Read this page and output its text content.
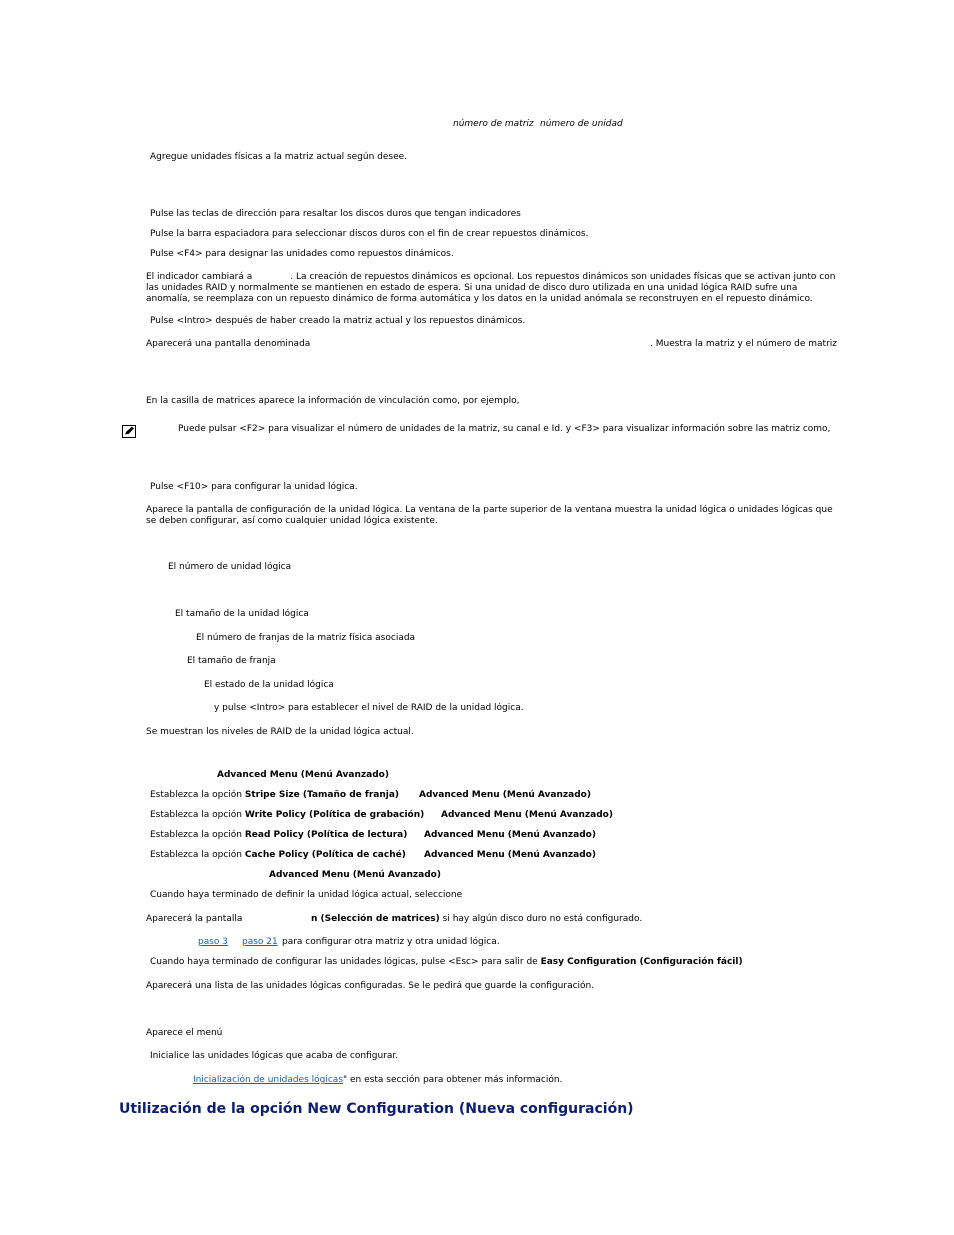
número de matriz número de unidad
Agregue unidades físicas a la matriz actual según desee.
Pulse las teclas de dirección para resaltar los discos duros que tengan indicadores
Pulse la barra espaciadora para seleccionar discos duros con el fin de crear repuestos dinámicos.
Pulse <F4> para designar las unidades como repuestos dinámicos.
El indicador cambiará a	. La creación de repuestos dinámicos es opcional. Los repuestos dinámicos son unidades físicas que se activan junto con las unidades RAID y normalmente se mantienen en estado de espera. Si una unidad de disco duro utilizada en una unidad lógica RAID sufre una anomalía, se reemplaza con un repuesto dinámico de forma automática y los datos en la unidad anómala se reconstruyen en el repuesto dinámico.
Pulse <Intro> después de haber creado la matriz actual y los repuestos dinámicos.
Aparecerá una pantalla denominada	. Muestra la matriz y el número de matriz
En la casilla de matrices aparece la información de vinculación como, por ejemplo,
Puede pulsar <F2> para visualizar el número de unidades de la matriz, su canal e Id. y <F3> para visualizar información sobre las matriz como,
Pulse <F10> para configurar la unidad lógica.
Aparece la pantalla de configuración de la unidad lógica. La ventana de la parte superior de la ventana muestra la unidad lógica o unidades lógicas que se deben configurar, así como cualquier unidad lógica existente.
El número de unidad lógica
El tamaño de la unidad lógica
El número de franjas de la matriz física asociada
El tamaño de franja
El estado de la unidad lógica
y pulse <Intro> para establecer el nivel de RAID de la unidad lógica.
Se muestran los niveles de RAID de la unidad lógica actual.
Advanced Menu (Menú Avanzado)
Establezca la opción Stripe Size (Tamaño de franja) Advanced Menu (Menú Avanzado)
Establezca la opción Write Policy (Política de grabación) Advanced Menu (Menú Avanzado)
Establezca la opción Read Policy (Política de lectura) Advanced Menu (Menú Avanzado)
Establezca la opción Cache Policy (Política de caché) Advanced Menu (Menú Avanzado)
Advanced Menu (Menú Avanzado)
Cuando haya terminado de definir la unidad lógica actual, seleccione
Aparecerá la pantalla	n (Selección de matrices) si hay algún disco duro no está configurado.
paso 3 paso 21 para configurar otra matriz y otra unidad lógica.
Cuando haya terminado de configurar las unidades lógicas, pulse <Esc> para salir de Easy Configuration (Configuración fácil)
Aparecerá una lista de las unidades lógicas configuradas. Se le pedirá que guarde la configuración.
Aparece el menú
Inicialice las unidades lógicas que acaba de configurar.
Inicialización de unidades lógicas" en esta sección para obtener más información.
Utilización de la opción New Configuration (Nueva configuración)
